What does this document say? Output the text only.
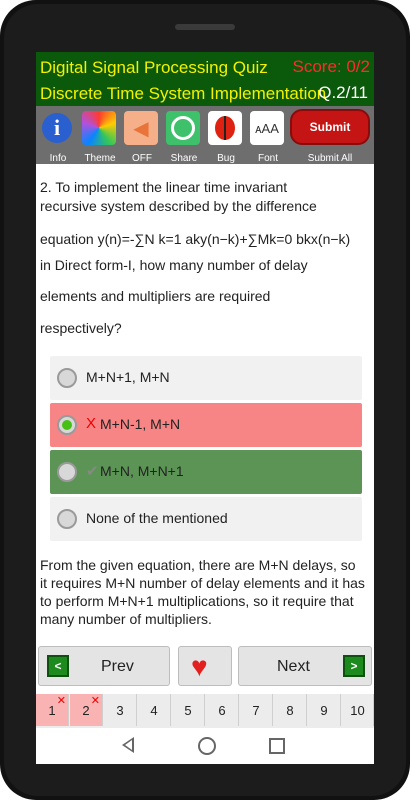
Digital Signal Processing Quiz Score: 0/2
Discrete Time System Implementation
Q.2/11
i
Info	Theme
◀
OFF	Share	Bug
ᴀAA
Font
Submit
Submit All
2. To implement the linear time invariant
recursive system described by the difference
equation y(n)=-∑N k=1 aky(n−k)+∑Mk=0 bkx(n−k)
in Direct form-I, how many number of delay
elements and multipliers are required
respectively?
M+N+1, M+N
X M+N-1, M+N
✔ M+N, M+N+1
None of the mentioned
From the given equation, there are M+N delays, so it requires M+N number of delay elements and it has to perform M+N+1 multiplications, so it require that many number of multipliers.
<	Prev ♥	Next	>
✕
1
✕
2	3	4	5	6	7	8	9	10
